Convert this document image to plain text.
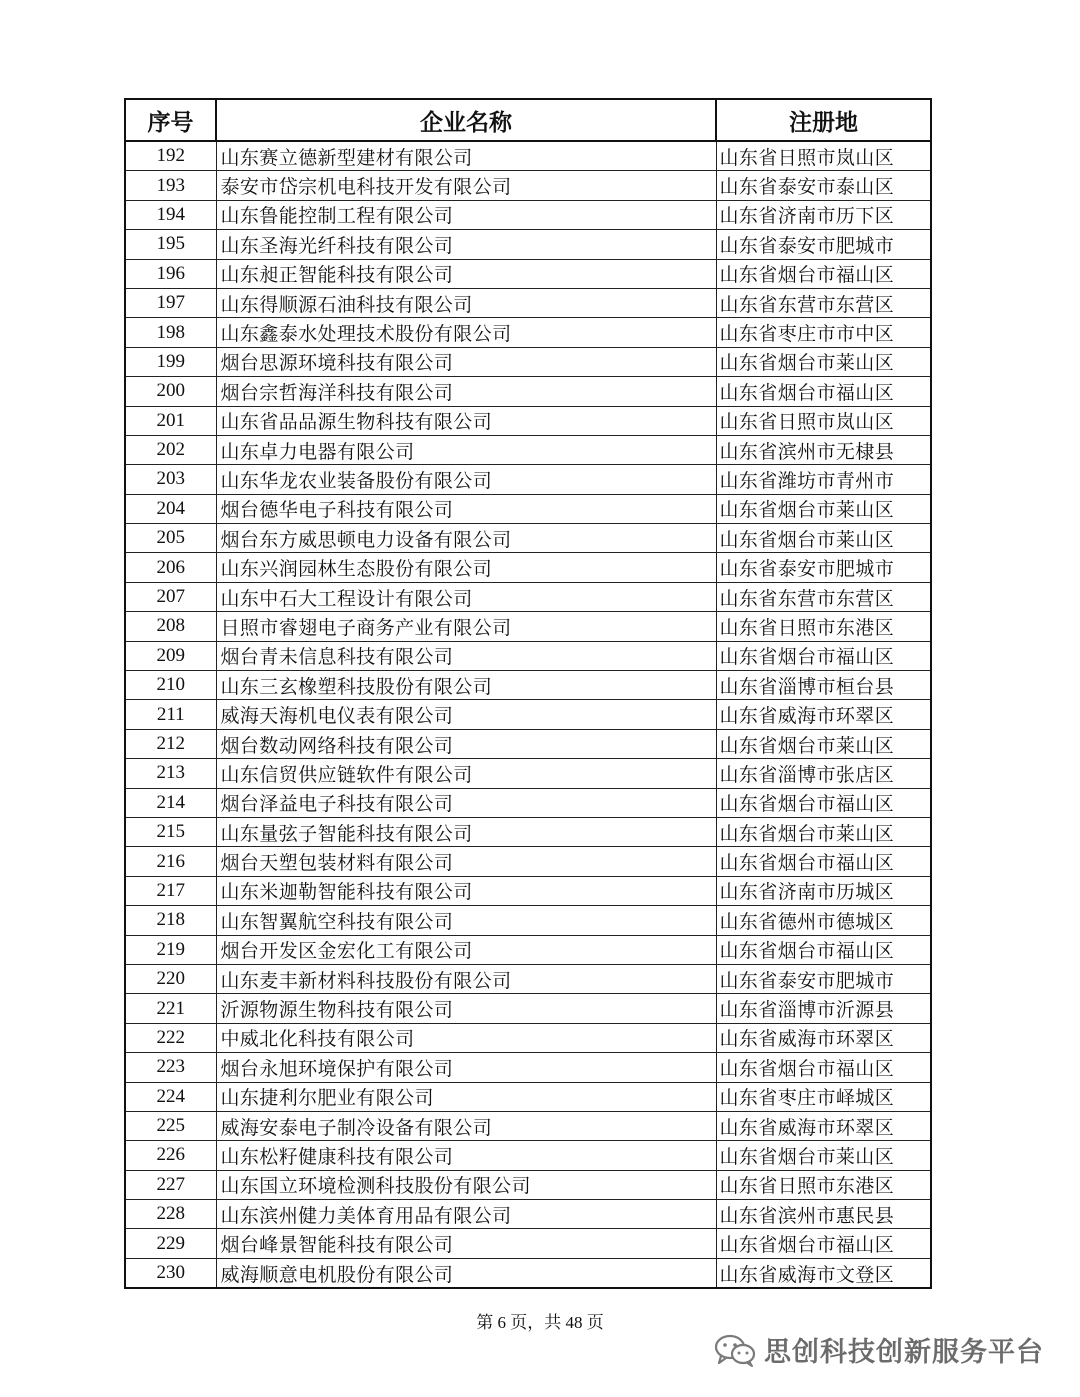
序号	企业名称	注册地
192	山东赛立德新型建材有限公司	山东省日照市岚山区
193	泰安市岱宗机电科技开发有限公司	山东省泰安市泰山区
194	山东鲁能控制工程有限公司	山东省济南市历下区
195	山东圣海光纤科技有限公司	山东省泰安市肥城市
196	山东昶正智能科技有限公司	山东省烟台市福山区
197	山东得顺源石油科技有限公司	山东省东营市东营区
198	山东鑫泰水处理技术股份有限公司	山东省枣庄市市中区
199	烟台思源环境科技有限公司	山东省烟台市莱山区
200	烟台宗哲海洋科技有限公司	山东省烟台市福山区
201	山东省品品源生物科技有限公司	山东省日照市岚山区
202	山东卓力电器有限公司	山东省滨州市无棣县
203	山东华龙农业装备股份有限公司	山东省潍坊市青州市
204	烟台德华电子科技有限公司	山东省烟台市莱山区
205	烟台东方威思顿电力设备有限公司	山东省烟台市莱山区
206	山东兴润园林生态股份有限公司	山东省泰安市肥城市
207	山东中石大工程设计有限公司	山东省东营市东营区
208	日照市睿翅电子商务产业有限公司	山东省日照市东港区
209	烟台青未信息科技有限公司	山东省烟台市福山区
210	山东三玄橡塑科技股份有限公司	山东省淄博市桓台县
211	威海天海机电仪表有限公司	山东省威海市环翠区
212	烟台数动网络科技有限公司	山东省烟台市莱山区
213	山东信贸供应链软件有限公司	山东省淄博市张店区
214	烟台泽益电子科技有限公司	山东省烟台市福山区
215	山东量弦子智能科技有限公司	山东省烟台市莱山区
216	烟台天塑包装材料有限公司	山东省烟台市福山区
217	山东米迦勒智能科技有限公司	山东省济南市历城区
218	山东智翼航空科技有限公司	山东省德州市德城区
219	烟台开发区金宏化工有限公司	山东省烟台市福山区
220	山东麦丰新材料科技股份有限公司	山东省泰安市肥城市
221	沂源物源生物科技有限公司	山东省淄博市沂源县
222	中威北化科技有限公司	山东省威海市环翠区
223	烟台永旭环境保护有限公司	山东省烟台市福山区
224	山东捷利尔肥业有限公司	山东省枣庄市峄城区
225	威海安泰电子制冷设备有限公司	山东省威海市环翠区
226	山东松籽健康科技有限公司	山东省烟台市莱山区
227	山东国立环境检测科技股份有限公司	山东省日照市东港区
228	山东滨州健力美体育用品有限公司	山东省滨州市惠民县
229	烟台峰景智能科技有限公司	山东省烟台市福山区
230	威海顺意电机股份有限公司	山东省威海市文登区
第 6 页，共 48 页
思创科技创新服务平台
